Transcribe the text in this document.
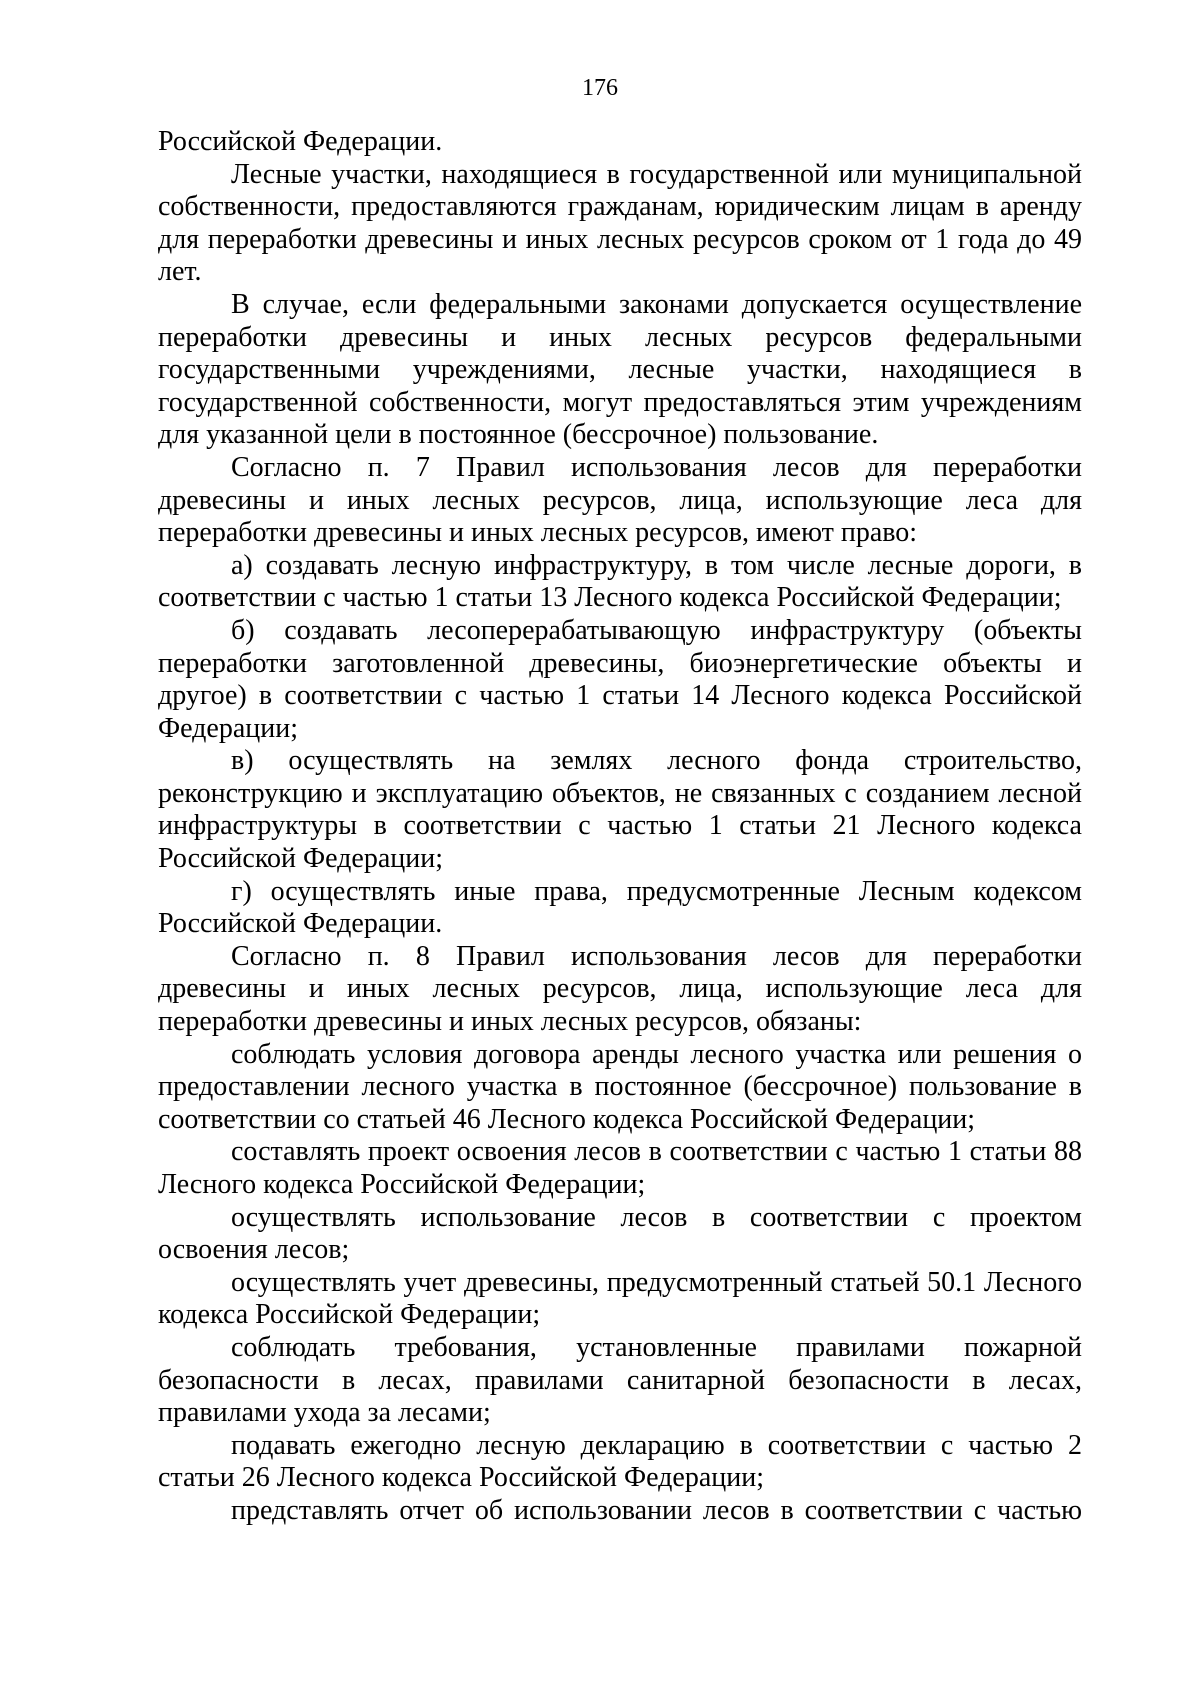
176

Российской Федерации.

Лесные участки, находящиеся в государственной или муниципальной собственности, предоставляются гражданам, юридическим лицам в аренду для переработки древесины и иных лесных ресурсов сроком от 1 года до 49 лет.

В случае, если федеральными законами допускается осуществление переработки древесины и иных лесных ресурсов федеральными государственными учреждениями, лесные участки, находящиеся в государственной собственности, могут предоставляться этим учреждениям для указанной цели в постоянное (бессрочное) пользование.

Согласно п. 7 Правил использования лесов для переработки древесины и иных лесных ресурсов, лица, использующие леса для переработки древесины и иных лесных ресурсов, имеют право:

а) создавать лесную инфраструктуру, в том числе лесные дороги, в соответствии с частью 1 статьи 13 Лесного кодекса Российской Федерации;

б) создавать лесоперерабатывающую инфраструктуру (объекты переработки заготовленной древесины, биоэнергетические объекты и другое) в соответствии с частью 1 статьи 14 Лесного кодекса Российской Федерации;

в) осуществлять на землях лесного фонда строительство, реконструкцию и эксплуатацию объектов, не связанных с созданием лесной инфраструктуры в соответствии с частью 1 статьи 21 Лесного кодекса Российской Федерации;

г) осуществлять иные права, предусмотренные Лесным кодексом Российской Федерации.

Согласно п. 8 Правил использования лесов для переработки древесины и иных лесных ресурсов, лица, использующие леса для переработки древесины и иных лесных ресурсов, обязаны:

соблюдать условия договора аренды лесного участка или решения о предоставлении лесного участка в постоянное (бессрочное) пользование в соответствии со статьей 46 Лесного кодекса Российской Федерации;

составлять проект освоения лесов в соответствии с частью 1 статьи 88 Лесного кодекса Российской Федерации;

осуществлять использование лесов в соответствии с проектом освоения лесов;

осуществлять учет древесины, предусмотренный статьей 50.1 Лесного кодекса Российской Федерации;

соблюдать требования, установленные правилами пожарной безопасности в лесах, правилами санитарной безопасности в лесах, правилами ухода за лесами;

подавать ежегодно лесную декларацию в соответствии с частью 2 статьи 26 Лесного кодекса Российской Федерации;

представлять отчет об использовании лесов в соответствии с частью
